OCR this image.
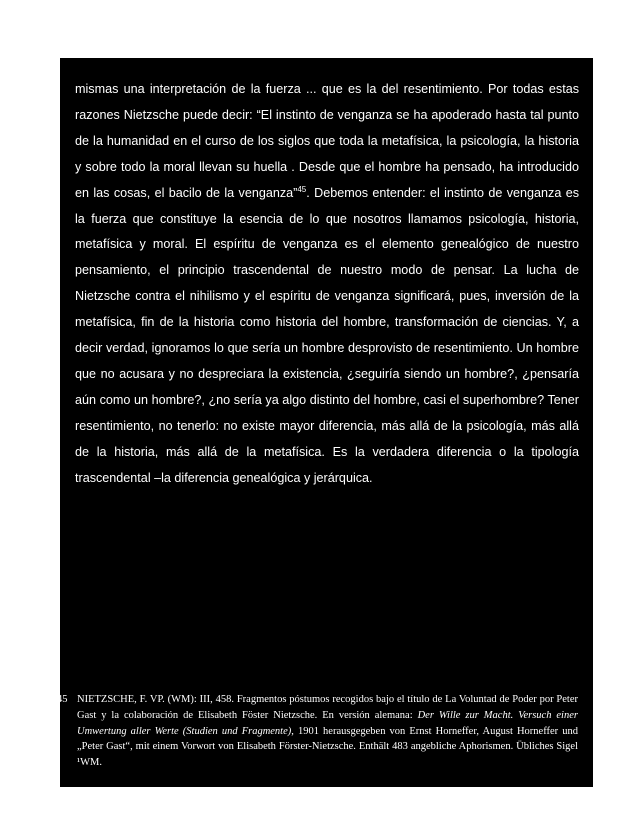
mismas una interpretación de la fuerza ... que es la del resentimiento. Por todas estas razones Nietzsche puede decir: “El instinto de venganza se ha apoderado hasta tal punto de la humanidad en el curso de los siglos que toda la metafísica, la psicología, la historia y sobre todo la moral llevan su huella . Desde que el hombre ha pensado, ha introducido en las cosas, el bacilo de la venganza”$^{45}$. Debemos entender: el instinto de venganza es la fuerza que constituye la esencia de lo que nosotros llamamos psicología, historia, metafísica y moral. El espíritu de venganza es el elemento genealógico de nuestro pensamiento, el principio trascendental de nuestro modo de pensar. La lucha de Nietzsche contra el nihilismo y el espíritu de venganza significará, pues, inversión de la metafísica, fin de la historia como historia del hombre, transformación de ciencias. Y, a decir verdad, ignoramos lo que sería un hombre desprovisto de resentimiento. Un hombre que no acusara y no despreciara la existencia, ¿seguiría siendo un hombre?, ¿pensaría aún como un hombre?, ¿no sería ya algo distinto del hombre, casi el superhombre? Tener resentimiento, no tenerlo: no existe mayor diferencia, más allá de la psicología, más allá de la historia, más allá de la metafísica. Es la verdadera diferencia o la tipología trascendental –la diferencia genealógica y jerárquica.

45 NIETZSCHE, F. VP. (WM): III, 458. Fragmentos póstumos recogidos bajo el título de La Voluntad de Poder por Peter Gast y la colaboración de Elisabeth Föster Nietzsche. En versión alemana: Der Wille zur Macht. Versuch einer Umwertung aller Werte (Studien und Fragmente), 1901 herausgegeben von Ernst Horneffer, August Horneffer und „Peter Gast“, mit einem Vorwort von Elisabeth Förster-Nietzsche. Enthält 483 angebliche Aphorismen. Übliches Sigel ¹WM.
